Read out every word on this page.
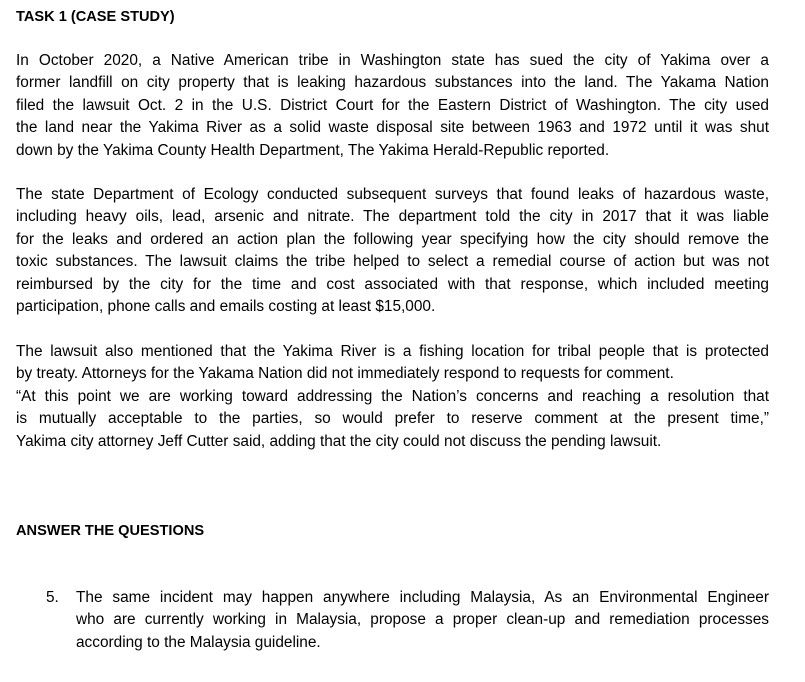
TASK 1 (CASE STUDY)
In October 2020, a Native American tribe in Washington state has sued the city of Yakima over a
former landfill on city property that is leaking hazardous substances into the land. The Yakama Nation
filed the lawsuit Oct. 2 in the U.S. District Court for the Eastern District of Washington. The city used
the land near the Yakima River as a solid waste disposal site between 1963 and 1972 until it was shut
down by the Yakima County Health Department, The Yakima Herald-Republic reported.
The state Department of Ecology conducted subsequent surveys that found leaks of hazardous waste,
including heavy oils, lead, arsenic and nitrate. The department told the city in 2017 that it was liable
for the leaks and ordered an action plan the following year specifying how the city should remove the
toxic substances. The lawsuit claims the tribe helped to select a remedial course of action but was not
reimbursed by the city for the time and cost associated with that response, which included meeting
participation, phone calls and emails costing at least $15,000.
The lawsuit also mentioned that the Yakima River is a fishing location for tribal people that is protected
by treaty. Attorneys for the Yakama Nation did not immediately respond to requests for comment.
“At this point we are working toward addressing the Nation’s concerns and reaching a resolution that
is mutually acceptable to the parties, so would prefer to reserve comment at the present time,”
Yakima city attorney Jeff Cutter said, adding that the city could not discuss the pending lawsuit.
ANSWER THE QUESTIONS
5. The same incident may happen anywhere including Malaysia, As an Environmental Engineer
who are currently working in Malaysia, propose a proper clean-up and remediation processes
according to the Malaysia guideline.
